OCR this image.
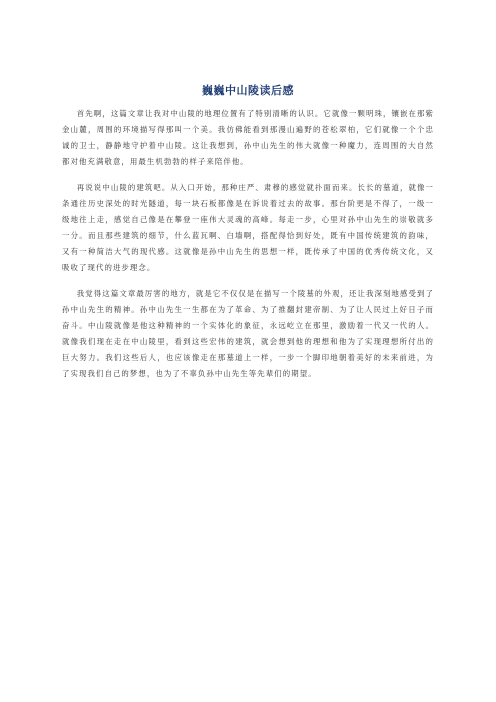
巍巍中山陵读后感

首先啊，这篇文章让我对中山陵的地理位置有了特别清晰的认识。它就像一颗明珠，镶嵌在那紫金山麓，周围的环境描写得那叫一个美。我仿佛能看到那漫山遍野的苍松翠柏，它们就像一个个忠诚的卫士，静静地守护着中山陵。这让我想到，孙中山先生的伟大就像一种魔力，连周围的大自然都对他充满敬意，用最生机勃勃的样子来陪伴他。

再说说中山陵的建筑吧。从入口开始，那种庄严、肃穆的感觉就扑面而来。长长的墓道，就像一条通往历史深处的时光隧道，每一块石板都像是在诉说着过去的故事。那台阶更是不得了，一级一级地往上走，感觉自己像是在攀登一座伟大灵魂的高峰。每走一步，心里对孙中山先生的崇敬就多一分。而且那些建筑的细节，什么蓝瓦啊、白墙啊，搭配得恰到好处，既有中国传统建筑的韵味，又有一种简洁大气的现代感。这就像是孙中山先生的思想一样，既传承了中国的优秀传统文化，又吸收了现代的进步理念。

我觉得这篇文章最厉害的地方，就是它不仅仅是在描写一个陵墓的外观，还让我深刻地感受到了孙中山先生的精神。孙中山先生一生都在为了革命、为了推翻封建帝制、为了让人民过上好日子而奋斗。中山陵就像是他这种精神的一个实体化的象征，永远屹立在那里，激励着一代又一代的人。就像我们现在走在中山陵里，看到这些宏伟的建筑，就会想到他的理想和他为了实现理想所付出的巨大努力。我们这些后人，也应该像走在那墓道上一样，一步一个脚印地朝着美好的未来前进，为了实现我们自己的梦想，也为了不辜负孙中山先生等先辈们的期望。
